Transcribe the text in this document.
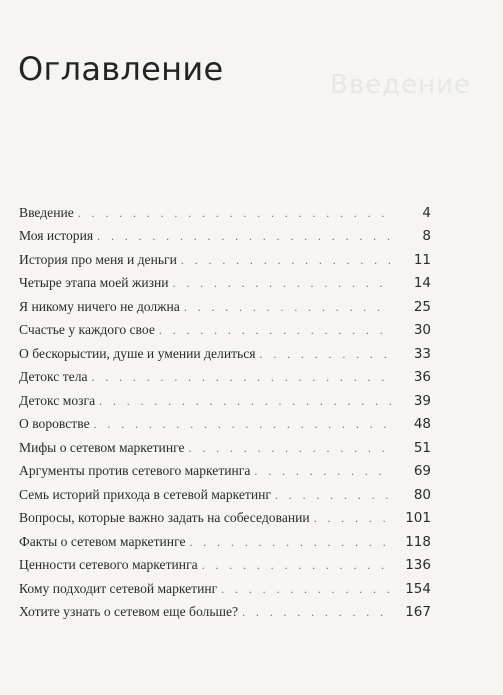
Введение
Оглавление
Введение . . .	4
Моя история . . .	8
История про меня и деньги . . .	11
Четыре этапа моей жизни . . .	14
Я никому ничего не должна . . .	25
Счастье у каждого свое . . .	30
О бескорыстии, душе и умении делиться . . .	33
Детокс тела . . .	36
Детокс мозга . . .	39
О воровстве . . .	48
Мифы о сетевом маркетинге . . .	51
Аргументы против сетевого маркетинга . . .	69
Семь историй прихода в сетевой маркетинг . . .	80
Вопросы, которые важно задать на собеседовании . . .	101
Факты о сетевом маркетинге . . .	118
Ценности сетевого маркетинга . . .	136
Кому подходит сетевой маркетинг . . .	154
Хотите узнать о сетевом еще больше? . . .	167
